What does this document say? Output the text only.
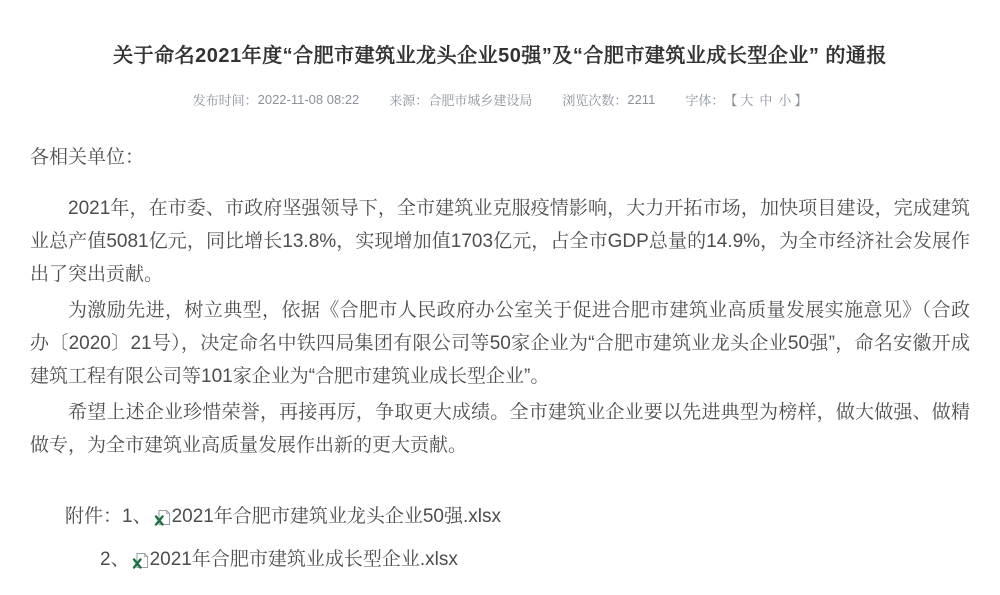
关于命名2021年度“合肥市建筑业龙头企业50强”及“合肥市建筑业成长型企业” 的通报
发布时间： 2022-11-08 08:22 来源： 合肥市城乡建设局 浏览次数： 2211 字体： 【 大 中 小 】

各相关单位：

2021年，在市委、市政府坚强领导下，全市建筑业克服疫情影响，大力开拓市场，加快项目建设，完成建筑业总产值5081亿元，同比增长13.8%，实现增加值1703亿元，占全市GDP总量的14.9%，为全市经济社会发展作出了突出贡献。

为激励先进，树立典型，依据《合肥市人民政府办公室关于促进合肥市建筑业高质量发展实施意见》（合政办〔2020〕21号），决定命名中铁四局集团有限公司等50家企业为“合肥市建筑业龙头企业50强”，命名安徽开成建筑工程有限公司等101家企业为“合肥市建筑业成长型企业”。

希望上述企业珍惜荣誉，再接再厉，争取更大成绩。全市建筑业企业要以先进典型为榜样，做大做强、做精做专，为全市建筑业高质量发展作出新的更大贡献。

附件： 1、 2021年合肥市建筑业龙头企业50强.xlsx
2、 2021年合肥市建筑业成长型企业.xlsx
